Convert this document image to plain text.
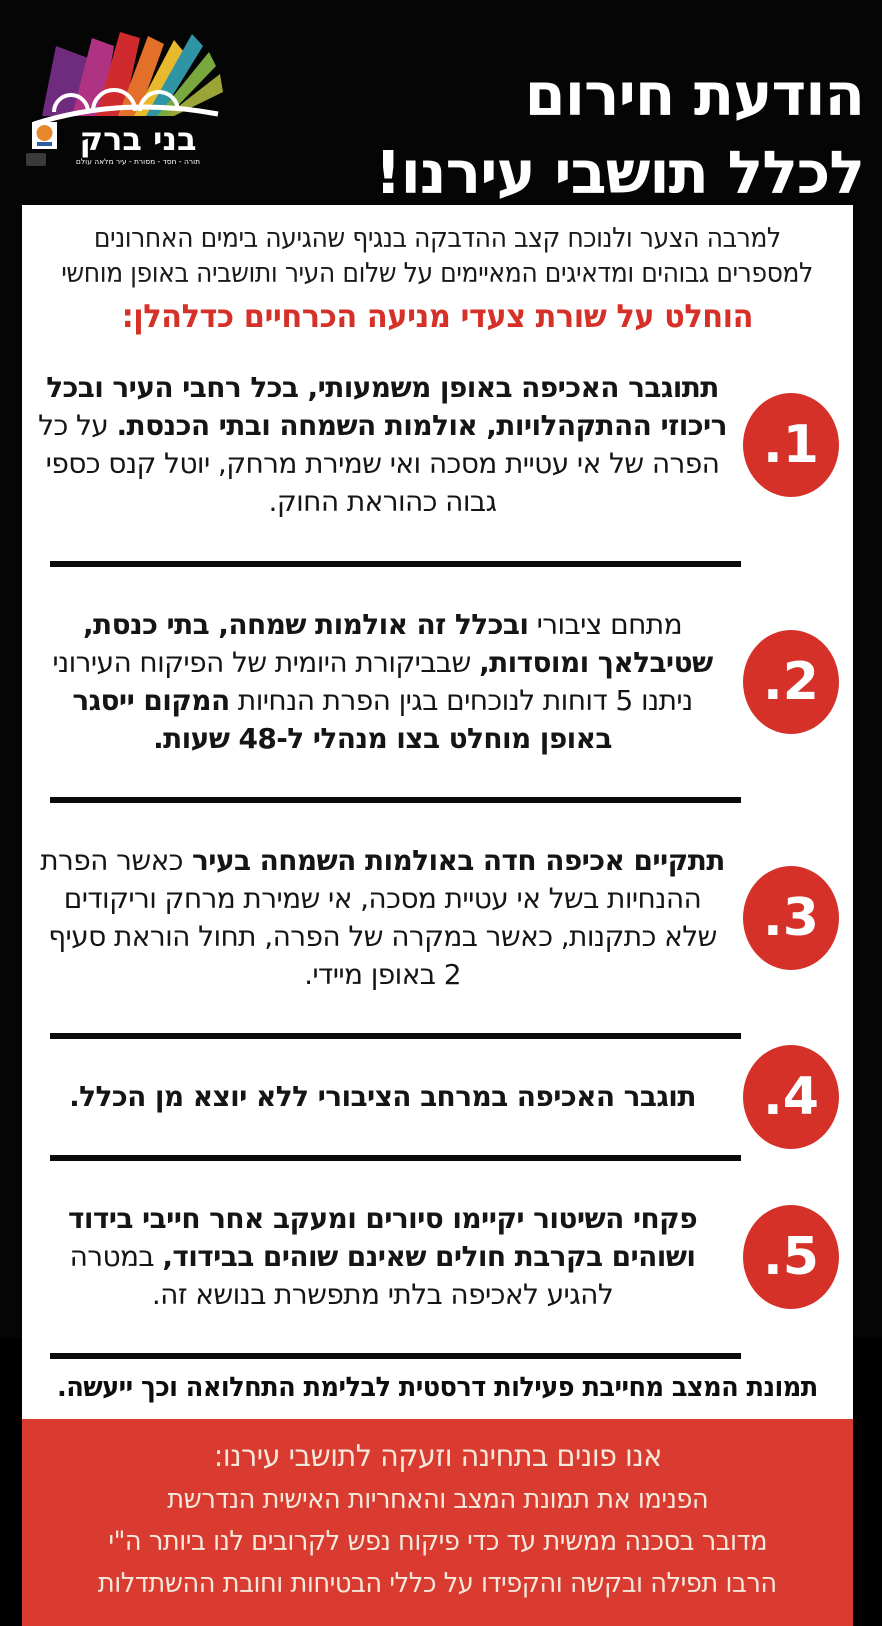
בני ברק
תורה - חסד - מסורת - עיר מלאה עולם
הודעת חירום
לכלל תושבי עירנו!
למרבה הצער ולנוכח קצב ההדבקה בנגיף שהגיעה בימים האחרונים
למספרים גבוהים ומדאיגים המאיימים על שלום העיר ותושביה באופן מוחשי
הוחלט על שורת צעדי מניעה הכרחיים כדלהלן:
1.

תתוגבר האכיפה באופן משמעותי, בכל רחבי העיר ובכל ריכוזי ההתקהלויות, אולמות השמחה ובתי הכנסת. על כל הפרה של אי עטיית מסכה ואי שמירת מרחק, יוטל קנס כספי גבוה כהוראת החוק.

2.

מתחם ציבורי ובכלל זה אולמות שמחה, בתי כנסת, שטיבלאך ומוסדות, שבביקורת היומית של הפיקוח העירוני ניתנו 5 דוחות לנוכחים בגין הפרת הנחיות המקום ייסגר באופן מוחלט בצו מנהלי ל-48 שעות.

3.

תתקיים אכיפה חדה באולמות השמחה בעיר כאשר הפרת ההנחיות בשל אי עטיית מסכה, אי שמירת מרחק וריקודים שלא כתקנות, כאשר במקרה של הפרה, תחול הוראת סעיף 2 באופן מיידי.

4.

תוגבר האכיפה במרחב הציבורי ללא יוצא מן הכלל.

5.

פקחי השיטור יקיימו סיורים ומעקב אחר חייבי בידוד ושוהים בקרבת חולים שאינם שוהים בבידוד, במטרה להגיע לאכיפה בלתי מתפשרת בנושא זה.

תמונת המצב מחייבת פעילות דרסטית לבלימת התחלואה וכך ייעשה.
אנו פונים בתחינה וזעקה לתושבי עירנו:
הפנימו את תמונת המצב והאחריות האישית הנדרשת
מדובר בסכנה ממשית עד כדי פיקוח נפש לקרובים לנו ביותר ה"י
הרבו תפילה ובקשה והקפידו על כללי הבטיחות וחובת ההשתדלות
